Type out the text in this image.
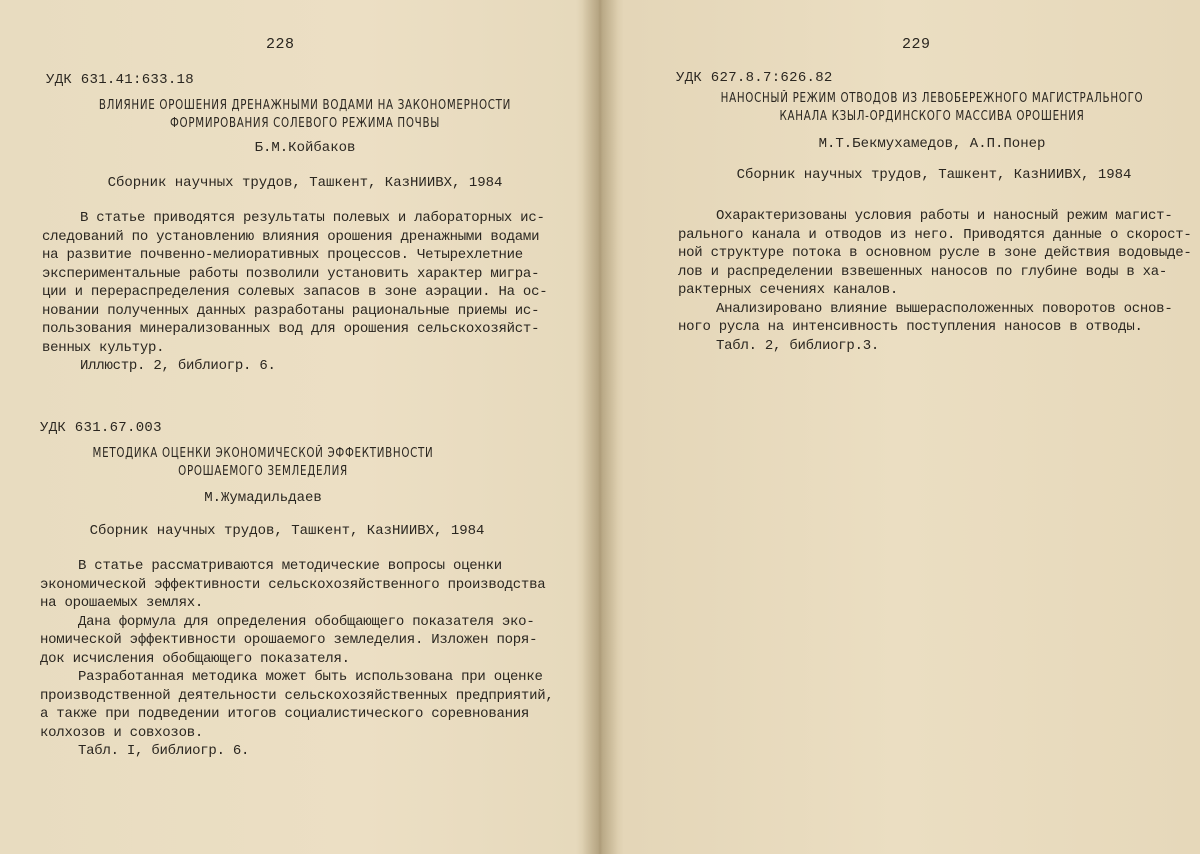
228
УДК 631.41:633.18
ВЛИЯНИЕ ОРОШЕНИЯ ДРЕНАЖНЫМИ ВОДАМИ НА ЗАКОНОМЕРНОСТИ
ФОРМИРОВАНИЯ СОЛЕВОГО РЕЖИМА ПОЧВЫ
Б.М.Койбаков
Сборник научных трудов, Ташкент, КазНИИВХ, 1984
В статье приводятся результаты полевых и лабораторных ис-
следований по установлению влияния орошения дренажными водами
на развитие почвенно-мелиоративных процессов. Четырехлетние
экспериментальные работы позволили установить характер мигра-
ции и перераспределения солевых запасов в зоне аэрации. На ос-
новании полученных данных разработаны рациональные приемы ис-
пользования минерализованных вод для орошения сельскохозяйст-
венных культур.
Иллюстр. 2, библиогр. 6.
УДК 631.67.003
МЕТОДИКА ОЦЕНКИ ЭКОНОМИЧЕСКОЙ ЭФФЕКТИВНОСТИ
ОРОШАЕМОГО ЗЕМЛЕДЕЛИЯ
М.Жумадильдаев
Сборник научных трудов, Ташкент, КазНИИВХ, 1984
В статье рассматриваются методические вопросы оценки
экономической эффективности сельскохозяйственного производства
на орошаемых землях.
Дана формула для определения обобщающего показателя эко-
номической эффективности орошаемого земледелия. Изложен поря-
док исчисления обобщающего показателя.
Разработанная методика может быть использована при оценке
производственной деятельности сельскохозяйственных предприятий,
а также при подведении итогов социалистического соревнования
колхозов и совхозов.
Табл. I, библиогр. 6.
229
УДК 627.8.7:626.82
НАНОСНЫЙ РЕЖИМ ОТВОДОВ ИЗ ЛЕВОБЕРЕЖНОГО МАГИСТРАЛЬНОГО
КАНАЛА КЗЫЛ-ОРДИНСКОГО МАССИВА ОРОШЕНИЯ
М.Т.Бекмухамедов, А.П.Понер
Сборник научных трудов, Ташкент, КазНИИВХ, 1984
Охарактеризованы условия работы и наносный режим магист-
рального канала и отводов из него. Приводятся данные о скорост-
ной структуре потока в основном русле в зоне действия водовыде-
лов и распределении взвешенных наносов по глубине воды в ха-
рактерных сечениях каналов.
Анализировано влияние вышерасположенных поворотов основ-
ного русла на интенсивность поступления наносов в отводы.
Табл. 2, библиогр.3.
